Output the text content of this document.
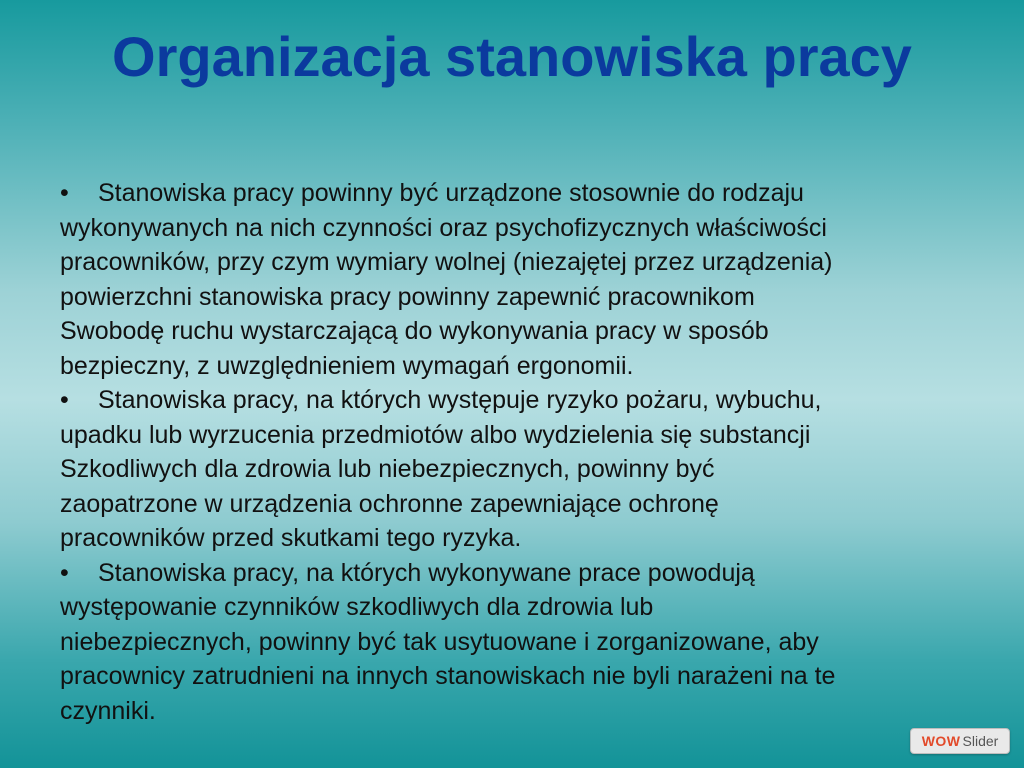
Organizacja stanowiska pracy
• Stanowiska pracy powinny być urządzone stosownie do rodzaju
wykonywanych na nich czynności oraz psychofizycznych właściwości
pracowników, przy czym wymiary wolnej (niezajętej przez urządzenia)
powierzchni stanowiska pracy powinny zapewnić pracownikom
Swobodę ruchu wystarczającą do wykonywania pracy w sposób
bezpieczny, z uwzględnieniem wymagań ergonomii.
• Stanowiska pracy, na których występuje ryzyko pożaru, wybuchu,
upadku lub wyrzucenia przedmiotów albo wydzielenia się substancji
Szkodliwych dla zdrowia lub niebezpiecznych, powinny być
zaopatrzone w urządzenia ochronne zapewniające ochronę
pracowników przed skutkami tego ryzyka.
• Stanowiska pracy, na których wykonywane prace powodują
występowanie czynników szkodliwych dla zdrowia lub
niebezpiecznych, powinny być tak usytuowane i zorganizowane, aby
pracownicy zatrudnieni na innych stanowiskach nie byli narażeni na te
czynniki.
WOW Slider
